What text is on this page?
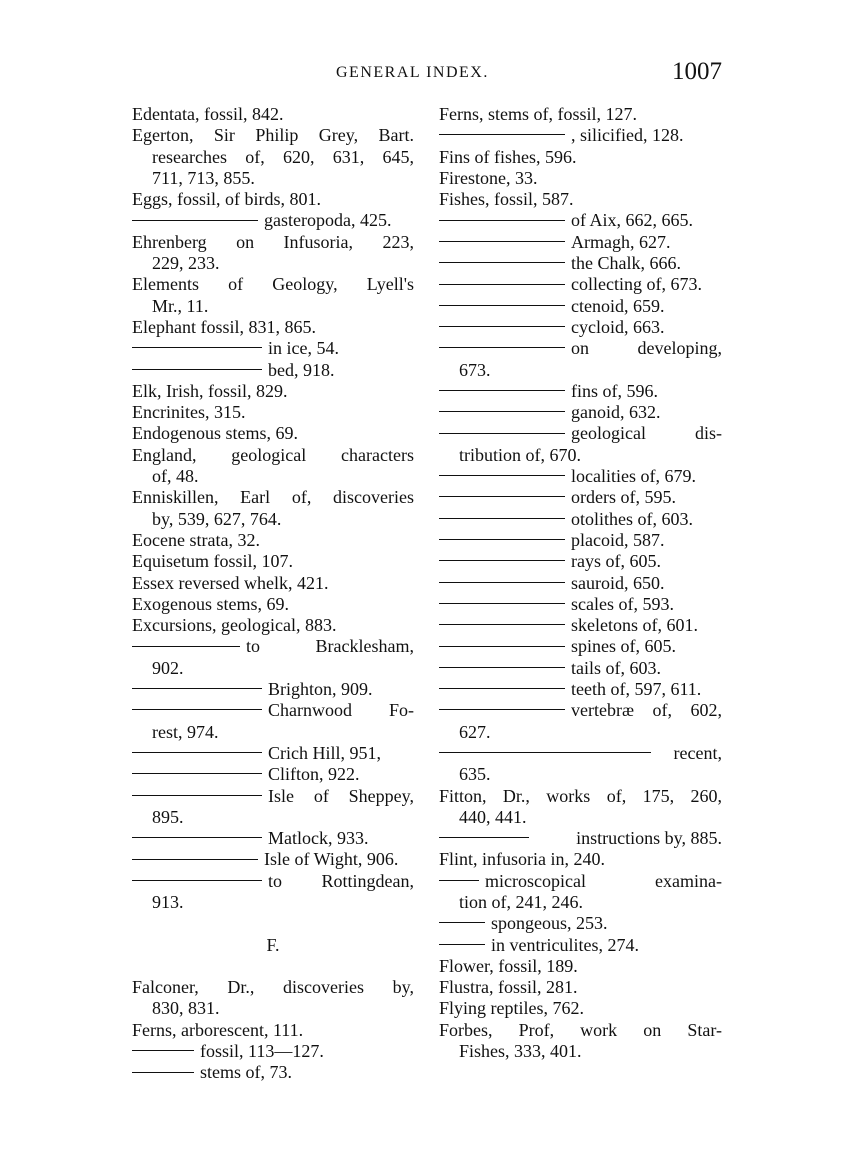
GENERAL INDEX.	1007
Edentata, fossil, 842.
Egerton, Sir Philip Grey, Bart.
researches of, 620, 631, 645,
711, 713, 855.
Eggs, fossil, of birds, 801.
gasteropoda, 425.
Ehrenberg on Infusoria, 223,
229, 233.
Elements of Geology, Lyell's
Mr., 11.
Elephant fossil, 831, 865.
in ice, 54.
bed, 918.
Elk, Irish, fossil, 829.
Encrinites, 315.
Endogenous stems, 69.
England, geological characters
of, 48.
Enniskillen, Earl of, discoveries
by, 539, 627, 764.
Eocene strata, 32.
Equisetum fossil, 107.
Essex reversed whelk, 421.
Exogenous stems, 69.
Excursions, geological, 883.
to Bracklesham,
902.
Brighton, 909.
Charnwood Fo-
rest, 974.
Crich Hill, 951,
Clifton, 922.
Isle of Sheppey,
895.
Matlock, 933.
Isle of Wight, 906.
to Rottingdean,
913.
F.
Falconer, Dr., discoveries by,
830, 831.
Ferns, arborescent, 111.
fossil, 113—127.
stems of, 73.
Ferns, stems of, fossil, 127.
, silicified, 128.
Fins of fishes, 596.
Firestone, 33.
Fishes, fossil, 587.
of Aix, 662, 665.
Armagh, 627.
the Chalk, 666.
collecting of, 673.
ctenoid, 659.
cycloid, 663.
on developing,
673.
fins of, 596.
ganoid, 632.
geological dis-
tribution of, 670.
localities of, 679.
orders of, 595.
otolithes of, 603.
placoid, 587.
rays of, 605.
sauroid, 650.
scales of, 593.
skeletons of, 601.
spines of, 605.
tails of, 603.
teeth of, 597, 611.
vertebræ of, 602,
627.
recent,
635.
Fitton, Dr., works of, 175, 260,
440, 441.
instructions by, 885.
Flint, infusoria in, 240.
microscopical examina-
tion of, 241, 246.
spongeous, 253.
in ventriculites, 274.
Flower, fossil, 189.
Flustra, fossil, 281.
Flying reptiles, 762.
Forbes, Prof, work on Star-
Fishes, 333, 401.
